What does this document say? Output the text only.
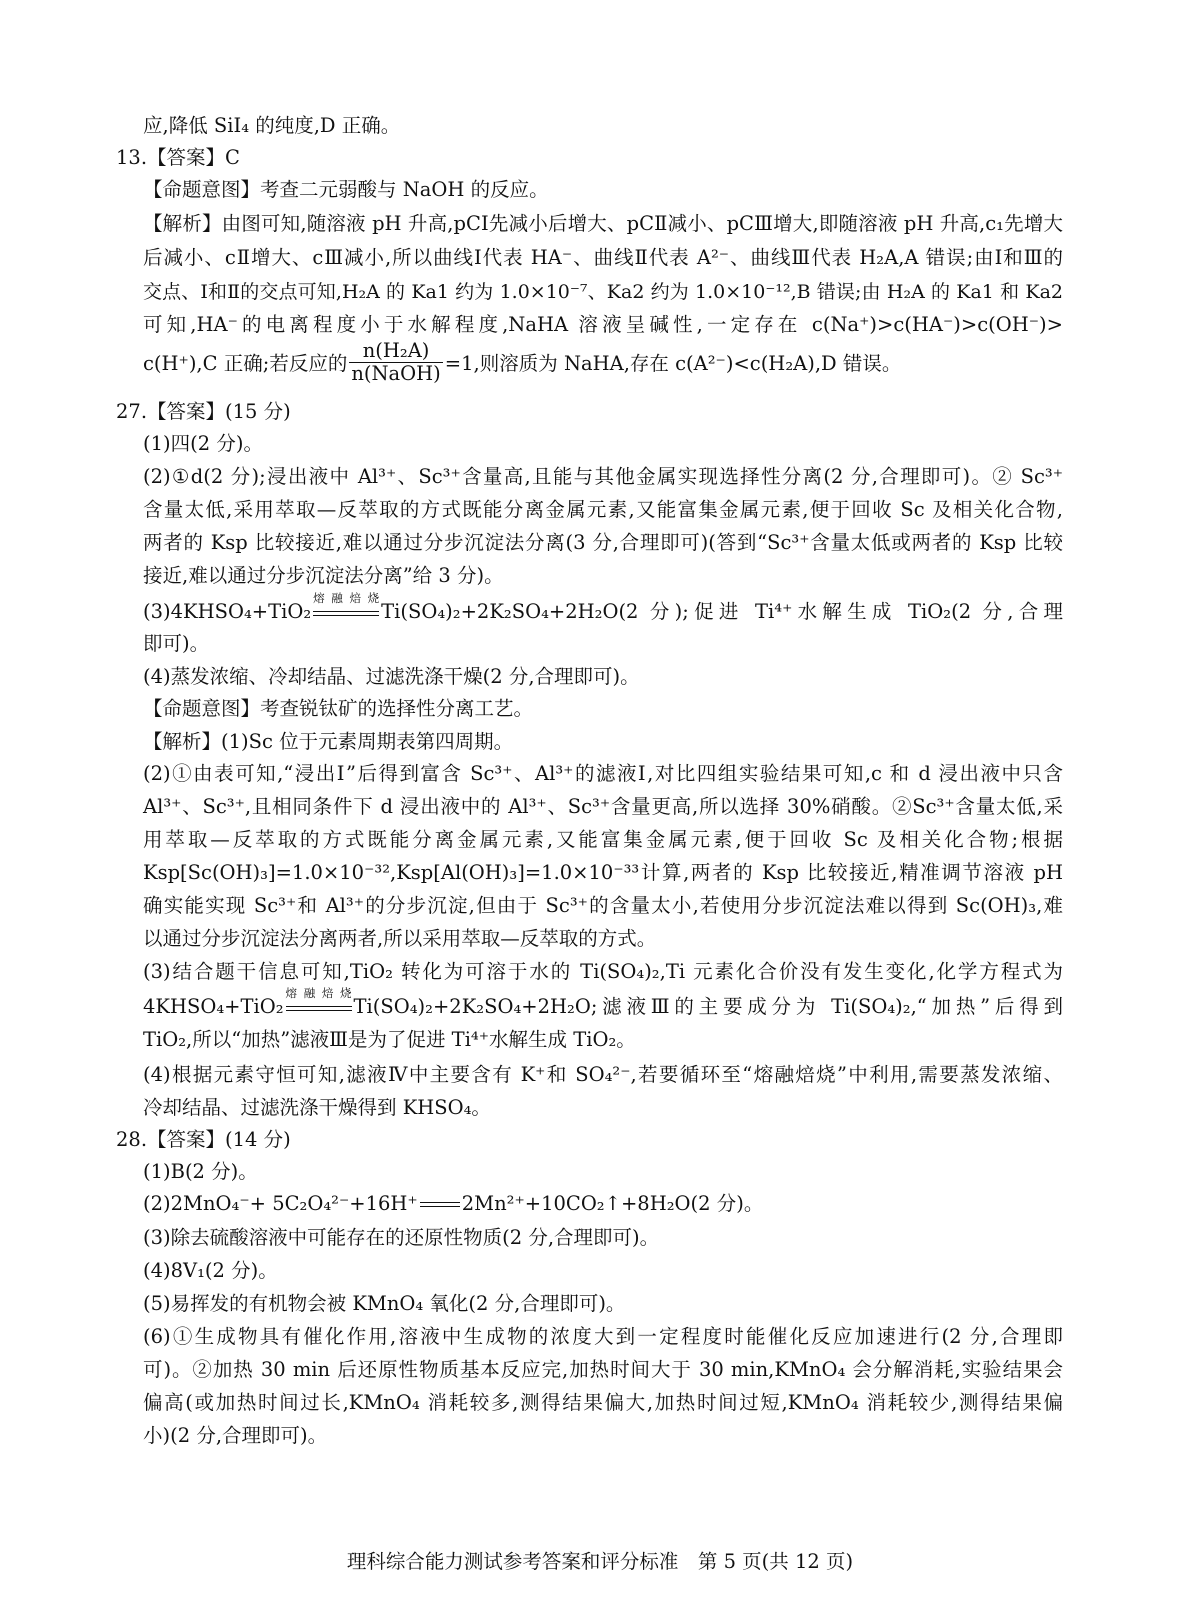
应,降低 SiI₄ 的纯度,D 正确。
13.【答案】C
【命题意图】考查二元弱酸与 NaOH 的反应。
【解析】由图可知,随溶液 pH 升高,pCⅠ先减小后增大、pCⅡ减小、pCⅢ增大,即随溶液 pH 升高,c₁先增大
后减小、cⅡ增大、cⅢ减小,所以曲线Ⅰ代表 HA⁻、曲线Ⅱ代表 A²⁻、曲线Ⅲ代表 H₂A,A 错误;由Ⅰ和Ⅲ的
交点、Ⅰ和Ⅱ的交点可知,H₂A 的 Ka1 约为 1.0×10⁻⁷、Ka2 约为 1.0×10⁻¹²,B 错误;由 H₂A 的 Ka1 和 Ka2
可知,HA⁻的电离程度小于水解程度,NaHA 溶液呈碱性,一定存在 c(Na⁺)>c(HA⁻)>c(OH⁻)>
c(H⁺),C 正确;若反应的 $\frac{\text{n(H₂A)}}{\text{n(NaOH)}} =1$,则溶质为 NaHA,存在 c(A²⁻)<c(H₂A),D 错误。
27.【答案】(15 分)
(1)四(2 分)。
(2)①d(2 分);浸出液中 Al³⁺、Sc³⁺含量高,且能与其他金属实现选择性分离(2 分,合理即可)。② Sc³⁺
含量太低,采用萃取—反萃取的方式既能分离金属元素,又能富集金属元素,便于回收 Sc 及相关化合物,
两者的 Ksp 比较接近,难以通过分步沉淀法分离(3 分,合理即可)(答到“Sc³⁺含量太低或两者的 Ksp 比较
接近,难以通过分步沉淀法分离”给 3 分)。
(3)4KHSO₄+TiO₂
熔融焙烧
Ti(SO₄)₂+2K₂SO₄+2H₂O(2 分);促进 Ti⁴⁺水解生成 TiO₂(2 分,合理
即可)。
(4)蒸发浓缩、冷却结晶、过滤洗涤干燥(2 分,合理即可)。
【命题意图】考查锐钛矿的选择性分离工艺。
【解析】(1)Sc 位于元素周期表第四周期。
(2)①由表可知,“浸出Ⅰ”后得到富含 Sc³⁺、Al³⁺的滤液Ⅰ,对比四组实验结果可知,c 和 d 浸出液中只含
Al³⁺、Sc³⁺,且相同条件下 d 浸出液中的 Al³⁺、Sc³⁺含量更高,所以选择 30%硝酸。②Sc³⁺含量太低,采
用萃取—反萃取的方式既能分离金属元素,又能富集金属元素,便于回收 Sc 及相关化合物;根据
Ksp[Sc(OH)₃]=1.0×10⁻³²,Ksp[Al(OH)₃]=1.0×10⁻³³计算,两者的 Ksp 比较接近,精准调节溶液 pH
确实能实现 Sc³⁺和 Al³⁺的分步沉淀,但由于 Sc³⁺的含量太小,若使用分步沉淀法难以得到 Sc(OH)₃,难
以通过分步沉淀法分离两者,所以采用萃取—反萃取的方式。
(3)结合题干信息可知,TiO₂ 转化为可溶于水的 Ti(SO₄)₂,Ti 元素化合价没有发生变化,化学方程式为
4KHSO₄+TiO₂
熔融焙烧
Ti(SO₄)₂+2K₂SO₄+2H₂O;滤液Ⅲ的主要成分为 Ti(SO₄)₂,“加热”后得到
TiO₂,所以“加热”滤液Ⅲ是为了促进 Ti⁴⁺水解生成 TiO₂。
(4)根据元素守恒可知,滤液Ⅳ中主要含有 K⁺和 SO₄²⁻,若要循环至“熔融焙烧”中利用,需要蒸发浓缩、
冷却结晶、过滤洗涤干燥得到 KHSO₄。
28.【答案】(14 分)
(1)B(2 分)。
(2)2MnO₄⁻+ 5C₂O₄²⁻+16H⁺ 2Mn²⁺+10CO₂↑+8H₂O(2 分)。
(3)除去硫酸溶液中可能存在的还原性物质(2 分,合理即可)。
(4)8V₁(2 分)。
(5)易挥发的有机物会被 KMnO₄ 氧化(2 分,合理即可)。
(6)①生成物具有催化作用,溶液中生成物的浓度大到一定程度时能催化反应加速进行(2 分,合理即
可)。②加热 30 min 后还原性物质基本反应完,加热时间大于 30 min,KMnO₄ 会分解消耗,实验结果会
偏高(或加热时间过长,KMnO₄ 消耗较多,测得结果偏大,加热时间过短,KMnO₄ 消耗较少,测得结果偏
小)(2 分,合理即可)。
理科综合能力测试参考答案和评分标准　第 5 页(共 12 页)
